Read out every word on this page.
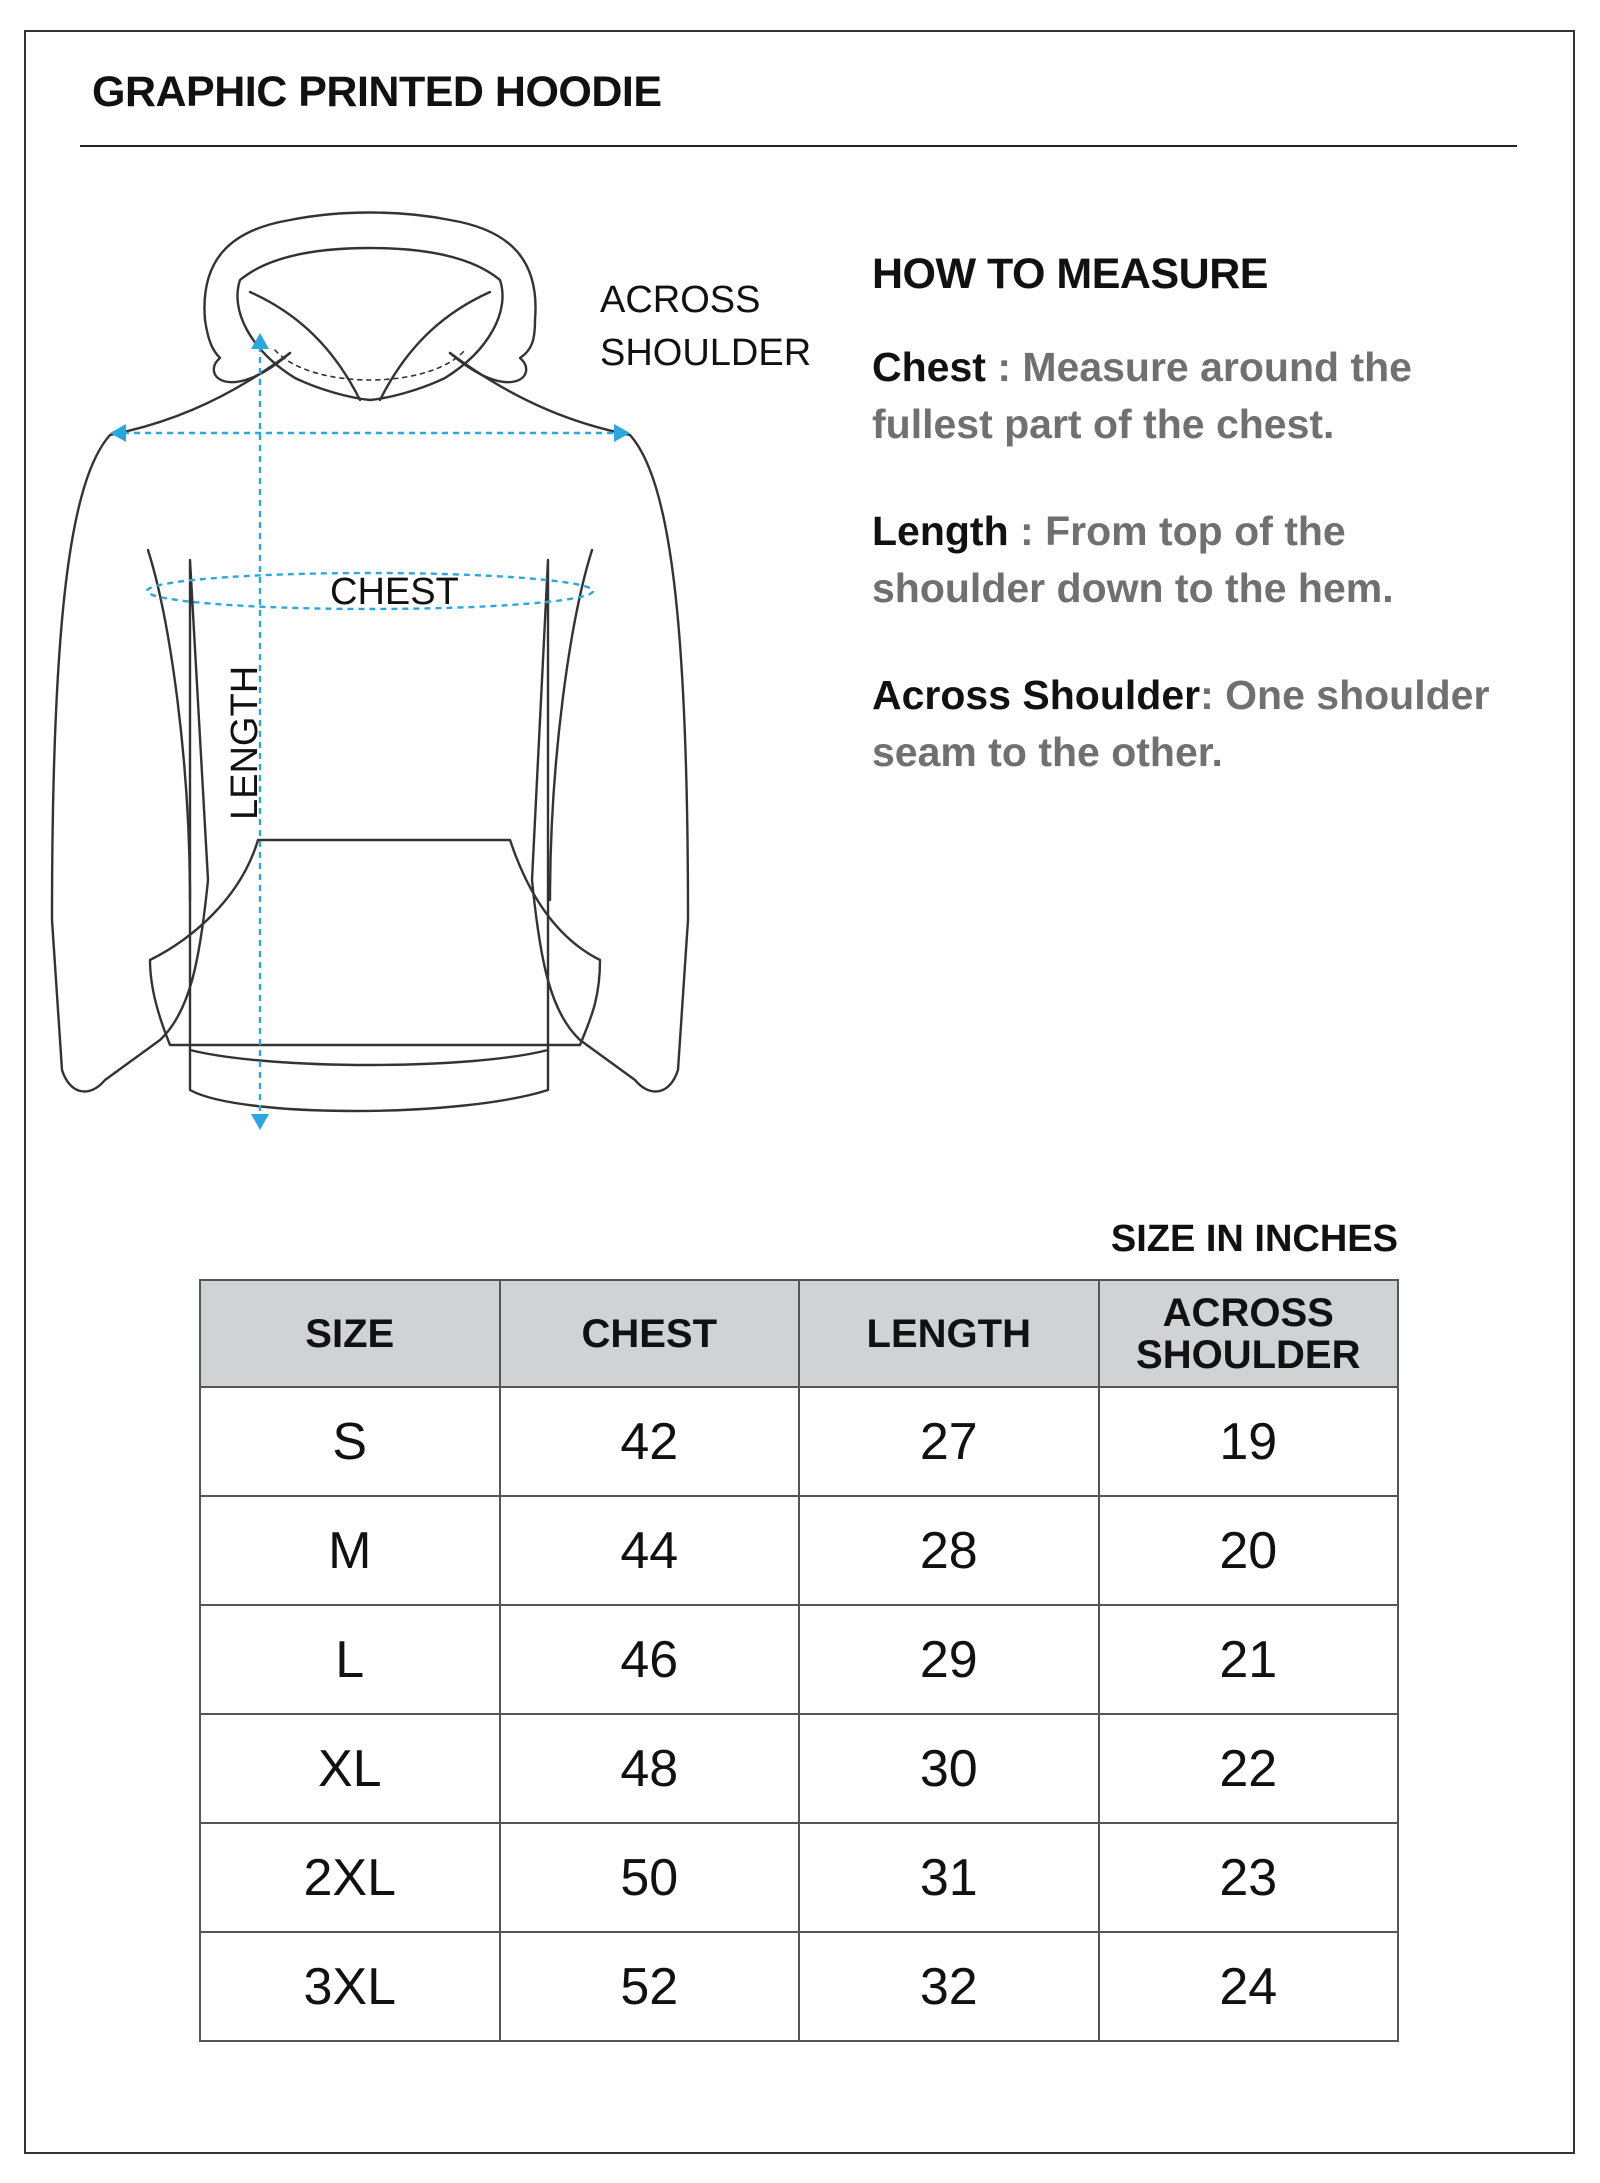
GRAPHIC PRINTED HOODIE
ACROSS
SHOULDER
CHEST
LENGTH
HOW TO MEASURE

Chest : Measure around the fullest part of the chest.

Length : From top of the shoulder down to the hem.

Across Shoulder: One shoulder seam to the other.

SIZE IN INCHES
SIZE	CHEST	LENGTH	ACROSS
SHOULDER
S	42	27	19
M	44	28	20
L	46	29	21
XL	48	30	22
2XL	50	31	23
3XL	52	32	24
